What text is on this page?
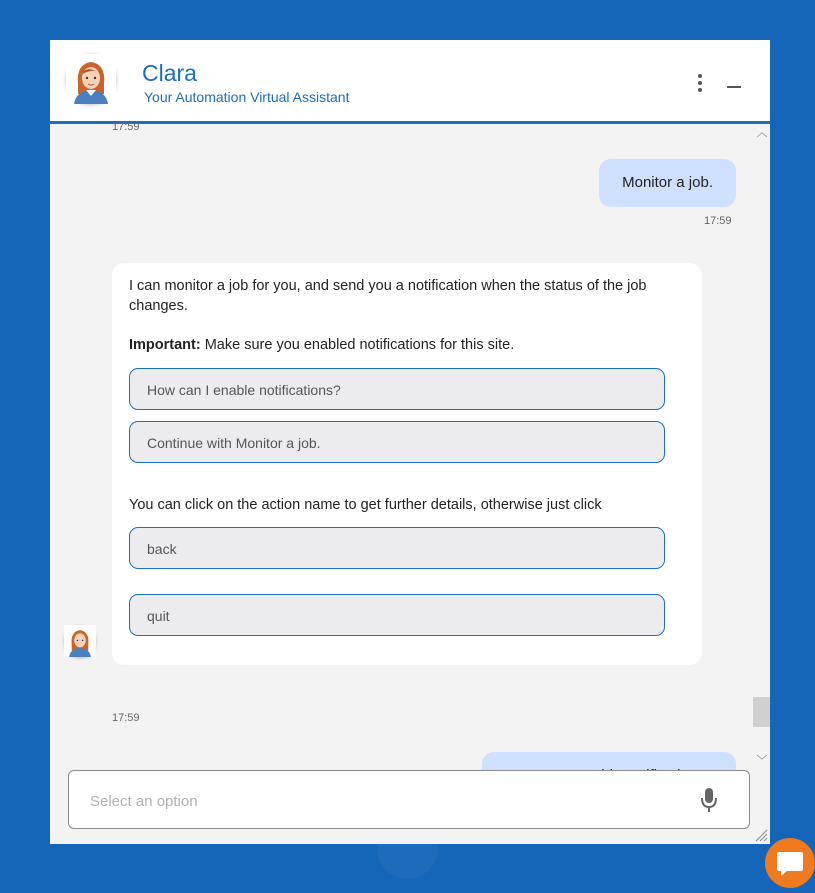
Clara
Your Automation Virtual Assistant
17:59
Monitor a job.
17:59
I can monitor a job for you, and send you a notification when the status of the job changes.
Important: Make sure you enabled notifications for this site.
How can I enable notifications?
Continue with Monitor a job.
You can click on the action name to get further details, otherwise just click
back
quit
17:59
︿
﹀
Select an option
